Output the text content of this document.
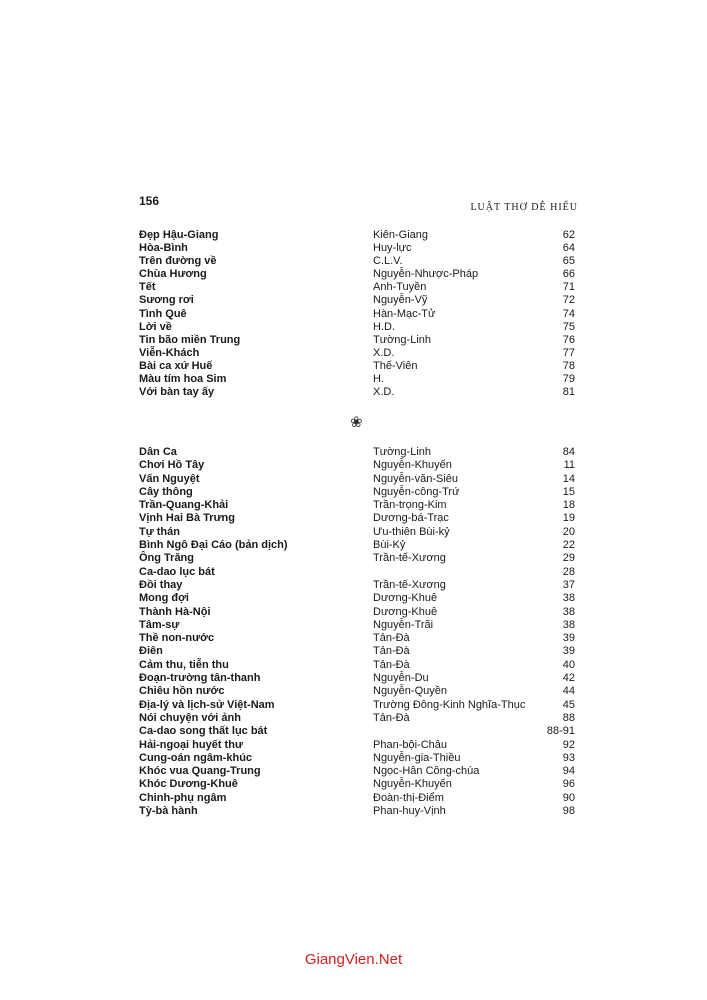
156	LUẬT THƠ DỄ HIỂU
Đẹp Hậu-Giang	Kiên-Giang	62
Hòa-Bình	Huy-lực	64
Trên đường về	C.L.V.	65
Chùa Hương	Nguyễn-Nhược-Pháp	66
Tết	Anh-Tuyền	71
Sương rơi	Nguyễn-Vỹ	72
Tình Quê	Hàn-Mạc-Tử	74
Lời về	H.D.	75
Tin bão miền Trung	Tường-Linh	76
Viễn-Khách	X.D.	77
Bài ca xứ Huế	Thế-Viên	78
Màu tím hoa Sim	H.	79
Với bàn tay ấy	X.D.	81
❀
Dân Ca	Tường-Linh	84
Chơi Hồ Tây	Nguyễn-Khuyến	11
Vấn Nguyệt	Nguyễn-văn-Siêu	14
Cây thông	Nguyễn-công-Trứ	15
Trần-Quang-Khải	Trần-trọng-Kim	18
Vịnh Hai Bà Trưng	Dương-bá-Trạc	19
Tự thán	Ưu-thiên Bùi-kỷ	20
Bình Ngô Đại Cáo (bản dịch)	Bùi-Kỷ	22
Ông Trăng	Trần-tế-Xương	29
Ca-dao lục bát	28
Đồi thay	Trần-tế-Xương	37
Mong đợi	Dương-Khuê	38
Thành Hà-Nội	Dương-Khuê	38
Tâm-sự	Nguyễn-Trãi	38
Thề non-nước	Tản-Đà	39
Điên	Tản-Đà	39
Cảm thu, tiễn thu	Tản-Đà	40
Đoạn-trường tân-thanh	Nguyễn-Du	42
Chiêu hồn nước	Nguyễn-Quyền	44
Địa-lý và lịch-sử Việt-Nam	Trường Đông-Kinh Nghĩa-Thục	45
Nói chuyện với ảnh	Tản-Đà	88
Ca-dao song thất lục bát	88-91
Hải-ngoại huyết thư	Phan-bội-Châu	92
Cung-oán ngâm-khúc	Nguyễn-gia-Thiều	93
Khóc vua Quang-Trung	Ngọc-Hân Công-chúa	94
Khóc Dương-Khuê	Nguyễn-Khuyến	96
Chinh-phụ ngâm	Đoàn-thị-Điểm	90
Tỳ-bà hành	Phan-huy-Vịnh	98
GiangVien.Net
